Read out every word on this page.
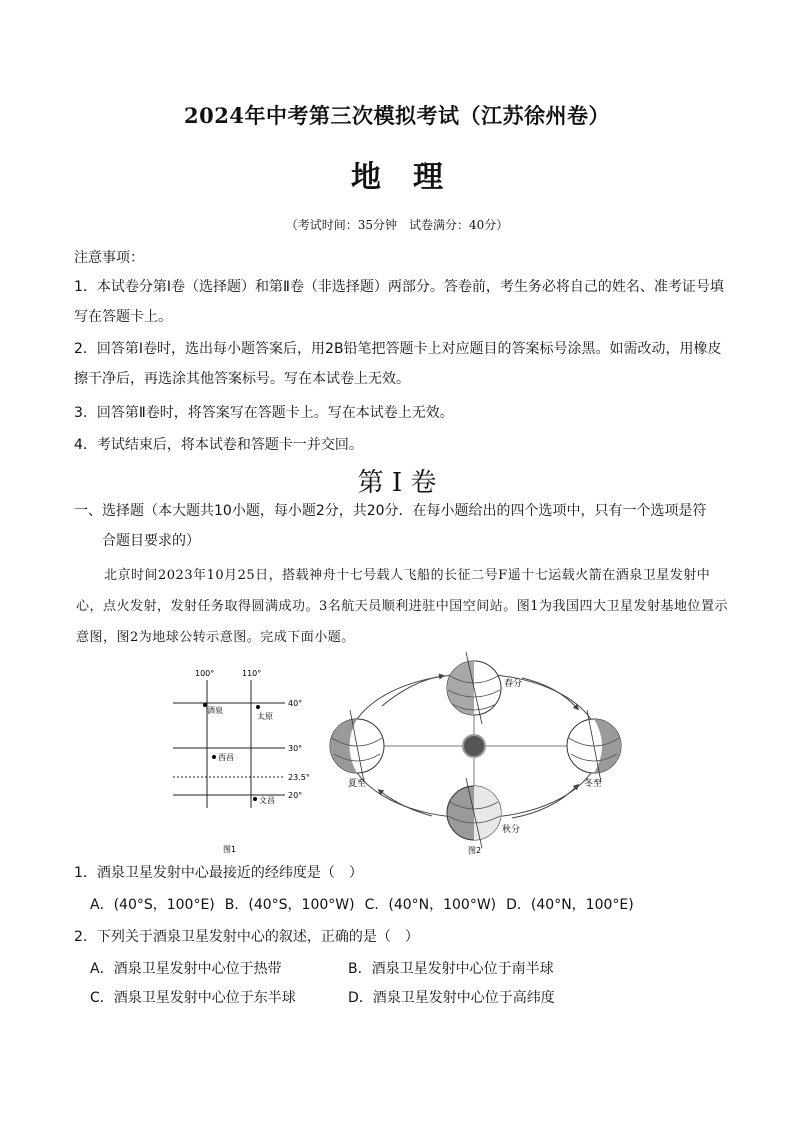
2024年中考第三次模拟考试（江苏徐州卷）
地 理
（考试时间：35分钟　试卷满分：40分）
注意事项：
1．本试卷分第Ⅰ卷（选择题）和第Ⅱ卷（非选择题）两部分。答卷前，考生务必将自己的姓名、准考证号填写在答题卡上。
2．回答第Ⅰ卷时，选出每小题答案后，用2B铅笔把答题卡上对应题目的答案标号涂黑。如需改动，用橡皮擦干净后，再选涂其他答案标号。写在本试卷上无效。
3．回答第Ⅱ卷时，将答案写在答题卡上。写在本试卷上无效。
4．考试结束后，将本试卷和答题卡一并交回。
第 I 卷
一、选择题（本大题共10小题，每小题2分，共20分．在每小题给出的四个选项中，只有一个选项是符
合题目要求的）
北京时间2023年10月25日，搭载神舟十七号载人飞船的长征二号F遥十七运载火箭在酒泉卫星发射中心，点火发射，发射任务取得圆满成功。3名航天员顺利进驻中国空间站。图1为我国四大卫星发射基地位置示意图，图2为地球公转示意图。完成下面小题。
100°	110°
40°
30°
23.5°
20°
酒泉
太原
西昌
文昌
图1
春分
夏至	冬至
秋分
图2
1．酒泉卫星发射中心最接近的经纬度是（　）
A．(40°S，100°E) B．(40°S，100°W) C．(40°N，100°W) D．(40°N，100°E)
2．下列关于酒泉卫星发射中心的叙述，正确的是（　）
A．酒泉卫星发射中心位于热带	B．酒泉卫星发射中心位于南半球
C．酒泉卫星发射中心位于东半球	D．酒泉卫星发射中心位于高纬度
